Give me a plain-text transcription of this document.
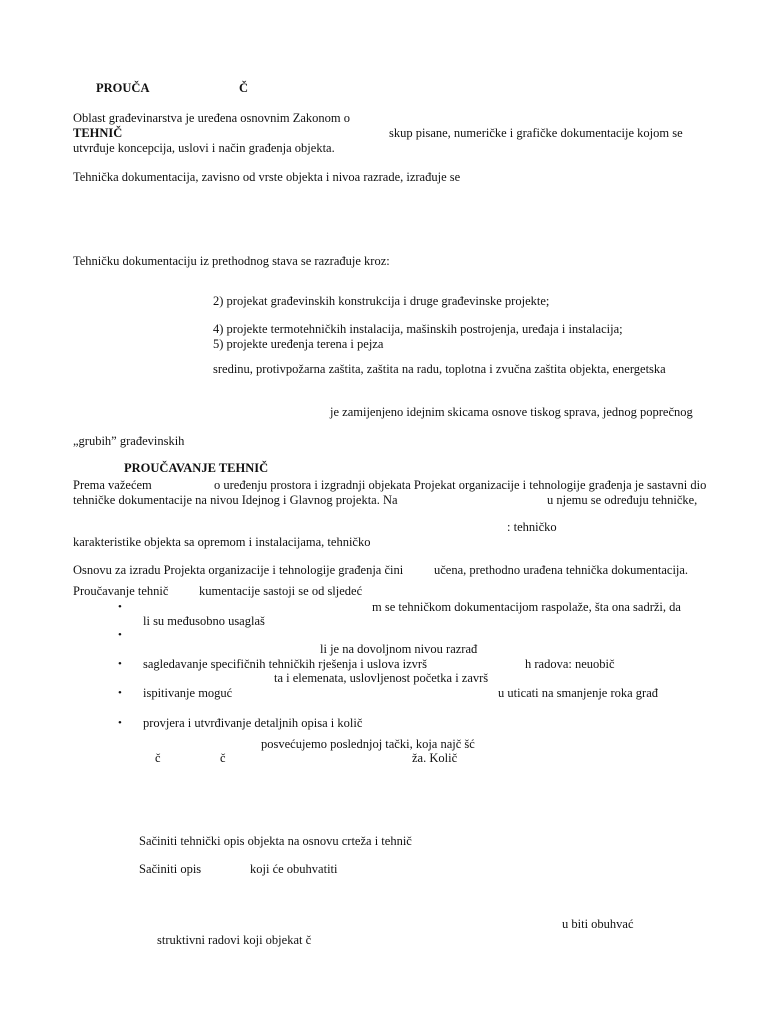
PROUČA	Č
Oblast građevinarstva je uređena osnovnim Zakonom o
TEHNIČ	skup pisane, numeričke i grafičke dokumentacije kojom se
utvrđuje koncepcija, uslovi i način građenja objekta.
Tehnička dokumentacija, zavisno od vrste objekta i nivoa razrade, izrađuje se
Tehničku dokumentaciju iz prethodnog stava se razrađuje kroz:
2) projekat građevinskih konstrukcija i druge građevinske projekte;
4) projekte termotehničkih instalacija, mašinskih postrojenja, uređaja i instalacija;
5) projekte uređenja terena i pejza
sredinu, protivpožarna zaštita, zaštita na radu, toplotna i zvučna zaštita objekta, energetska
je zamijenjeno idejnim skicama osnove tiskog sprava, jednog poprečnog
„grubih” građevinskih
PROUČAVANJE TEHNIČ
Prema važećem	o uređenju prostora i izgradnji objekata Projekat organizacije i tehnologije građenja je sastavni dio
tehničke dokumentacije na nivou Idejnog i Glavnog projekta. Na	u njemu se određuju tehničke,
: tehničko
karakteristike objekta sa opremom i instalacijama, tehničko
Osnovu za izradu Projekta organizacije i tehnologije građenja čini učena, prethodno urađena tehnička dokumentacija.
Proučavanje tehnič kumentacije sastoji se od sljedeć
•	m se tehničkom dokumentacijom raspolaže, šta ona sadrži, da
li su međusobno usaglaš
•
li je na dovoljnom nivou razrađ
• sagledavanje specifičnih tehničkih rješenja i uslova izvrš	h radova: neuobič
ta i elemenata, uslovljenost početka i završ
• ispitivanje moguć	u uticati na smanjenje roka građ
• provjera i utvrđivanje detaljnih opisa i količ
posvećujemo poslednjoj tački, koja najč šć
č	č	ža. Količ
Sačiniti tehnički opis objekta na osnovu crteža i tehnič
Sačiniti opis	koji će obuhvatiti
u biti obuhvać
struktivni radovi koji objekat č
